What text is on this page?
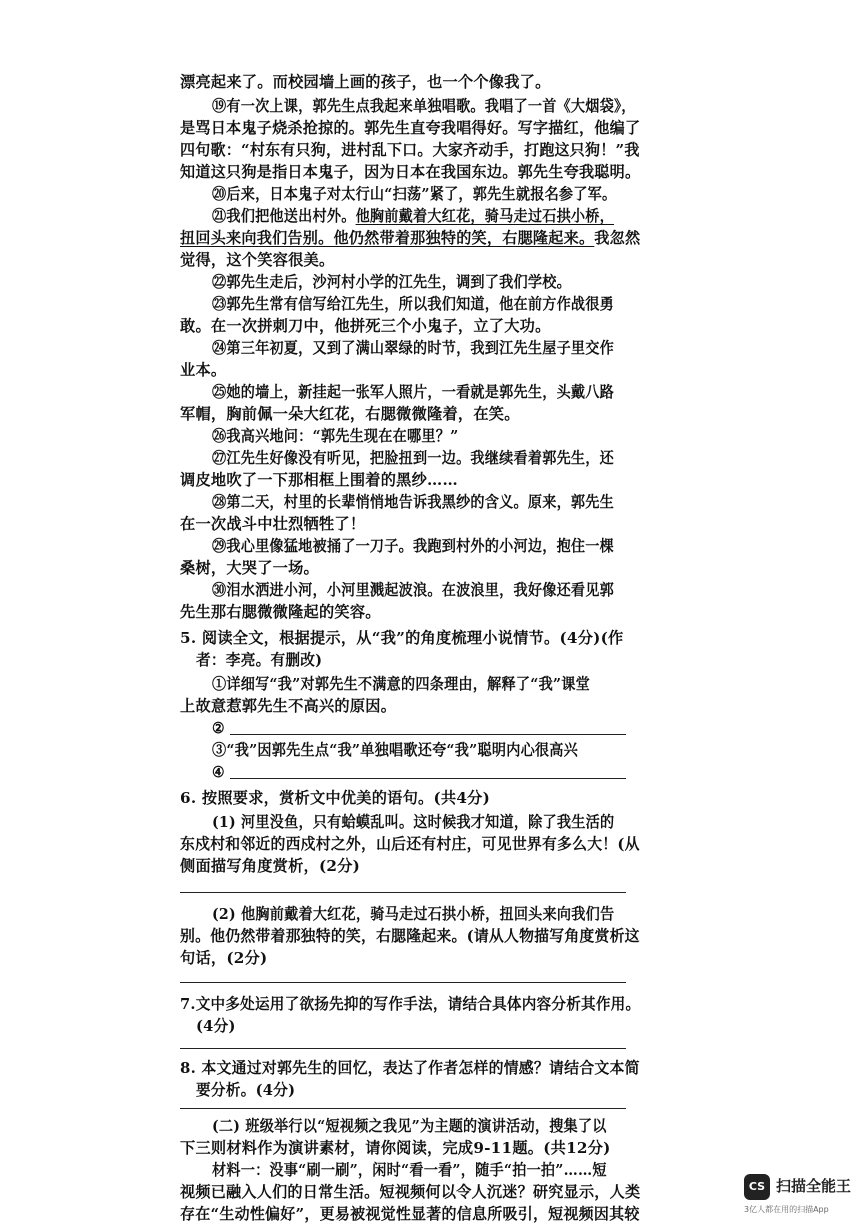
漂亮起来了。而校园墙上画的孩子，也一个个像我了。
⑲有一次上课，郭先生点我起来单独唱歌。我唱了一首《大烟袋》，
是骂日本鬼子烧杀抢掠的。郭先生直夸我唱得好。写字描红，他编了
四句歌：“村东有只狗，进村乱下口。大家齐动手，打跑这只狗！”我
知道这只狗是指日本鬼子，因为日本在我国东边。郭先生夸我聪明。
⑳后来，日本鬼子对太行山“扫荡”紧了，郭先生就报名参了军。
㉑我们把他送出村外。他胸前戴着大红花，骑马走过石拱小桥，
扭回头来向我们告别。他仍然带着那独特的笑，右腮隆起来。我忽然
觉得，这个笑容很美。
㉒郭先生走后，沙河村小学的江先生，调到了我们学校。
㉓郭先生常有信写给江先生，所以我们知道，他在前方作战很勇
敢。在一次拼刺刀中，他拼死三个小鬼子，立了大功。
㉔第三年初夏，又到了满山翠绿的时节，我到江先生屋子里交作
业本。
㉕她的墙上，新挂起一张军人照片，一看就是郭先生，头戴八路
军帽，胸前佩一朵大红花，右腮微微隆着，在笑。
㉖我高兴地问：“郭先生现在在哪里？”
㉗江先生好像没有听见，把脸扭到一边。我继续看着郭先生，还
调皮地吹了一下那相框上围着的黑纱……
㉘第二天，村里的长辈悄悄地告诉我黑纱的含义。原来，郭先生
在一次战斗中壮烈牺牲了！
㉙我心里像猛地被捅了一刀子。我跑到村外的小河边，抱住一棵
桑树，大哭了一场。
㉚泪水洒进小河，小河里溅起波浪。在波浪里，我好像还看见郭
先生那右腮微微隆起的笑容。
5. 阅读全文，根据提示，从“我”的角度梳理小说情节。(4分)(作
者：李亮。有删改)
①详细写“我”对郭先生不满意的四条理由，解释了“我”课堂
上故意惹郭先生不高兴的原因。
②
③“我”因郭先生点“我”单独唱歌还夸“我”聪明内心很高兴
④
6. 按照要求，赏析文中优美的语句。(共4分)
(1) 河里没鱼，只有蛤蟆乱叫。这时候我才知道，除了我生活的
东戍村和邻近的西戍村之外，山后还有村庄，可见世界有多么大！(从
侧面描写角度赏析，(2分)
(2) 他胸前戴着大红花，骑马走过石拱小桥，扭回头来向我们告
别。他仍然带着那独特的笑，右腮隆起来。(请从人物描写角度赏析这
句话，(2分)
7.文中多处运用了欲扬先抑的写作手法，请结合具体内容分析其作用。
(4分)
8. 本文通过对郭先生的回忆，表达了作者怎样的情感？请结合文本简
要分析。(4分)
(二) 班级举行以“短视频之我见”为主题的演讲活动，搜集了以
下三则材料作为演讲素材，请你阅读，完成9-11题。(共12分)
材料一：没事“刷一刷”，闲时“看一看”，随手“拍一拍”……短
视频已融入人们的日常生活。短视频何以令人沉迷？研究显示，人类
存在“生动性偏好”，更易被视觉性显著的信息所吸引，短视频因其较
CS 扫描全能王
3亿人都在用的扫描App
